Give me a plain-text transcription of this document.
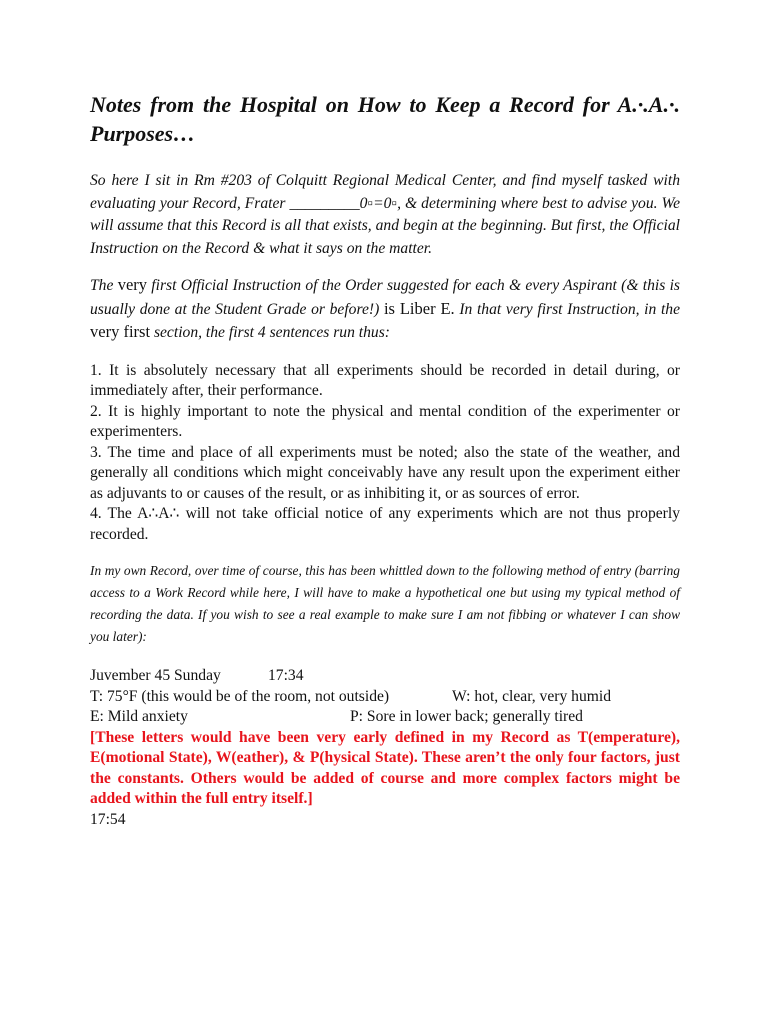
Notes from the Hospital on How to Keep a Record for A.·.A.·. Purposes…
So here I sit in Rm #203 of Colquitt Regional Medical Center, and find myself tasked with evaluating your Record, Frater _________0▫=0▫, & determining where best to advise you. We will assume that this Record is all that exists, and begin at the beginning. But first, the Official Instruction on the Record & what it says on the matter.
The very first Official Instruction of the Order suggested for each & every Aspirant (& this is usually done at the Student Grade or before!) is Liber E. In that very first Instruction, in the very first section, the first 4 sentences run thus:
1. It is absolutely necessary that all experiments should be recorded in detail during, or immediately after, their performance.
2. It is highly important to note the physical and mental condition of the experimenter or experimenters.
3. The time and place of all experiments must be noted; also the state of the weather, and generally all conditions which might conceivably have any result upon the experiment either as adjuvants to or causes of the result, or as inhibiting it, or as sources of error.
4. The A∴A∴ will not take official notice of any experiments which are not thus properly recorded.
In my own Record, over time of course, this has been whittled down to the following method of entry (barring access to a Work Record while here, I will have to make a hypothetical one but using my typical method of recording the data. If you wish to see a real example to make sure I am not fibbing or whatever I can show you later):
Juvember 45 Sunday	17:34
T: 75°F (this would be of the room, not outside)	W: hot, clear, very humid
E: Mild anxiety	P: Sore in lower back; generally tired
[These letters would have been very early defined in my Record as T(emperature), E(motional State), W(eather), & P(hysical State). These aren’t the only four factors, just the constants. Others would be added of course and more complex factors might be added within the full entry itself.]
17:54
